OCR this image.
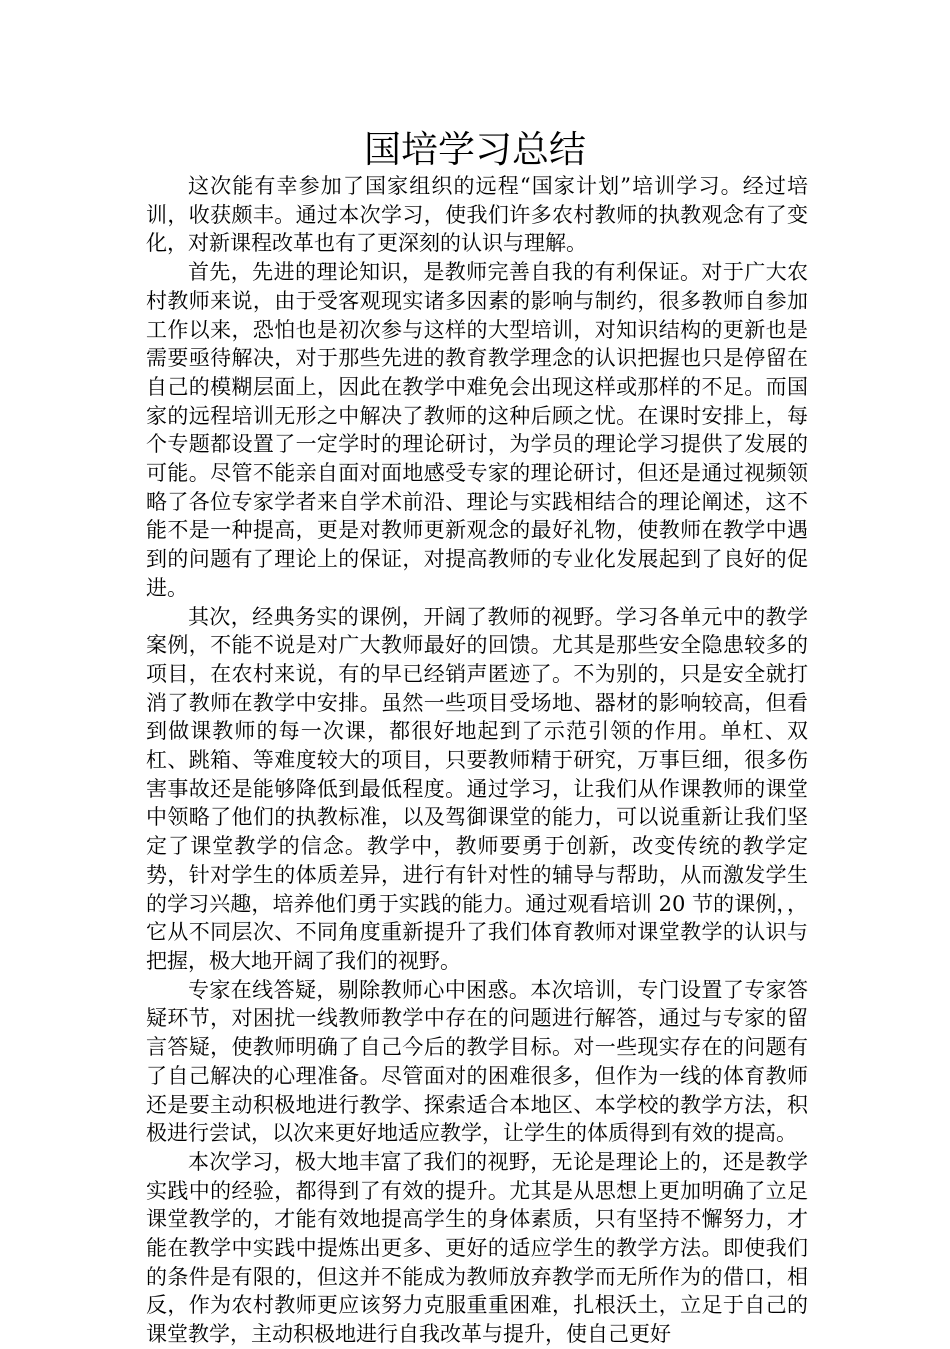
国培学习总结

这次能有幸参加了国家组织的远程“国家计划”培训学习。经过培训，收获颇丰。通过本次学习，使我们许多农村教师的执教观念有了变化，对新课程改革也有了更深刻的认识与理解。

首先，先进的理论知识，是教师完善自我的有利保证。对于广大农村教师来说，由于受客观现实诸多因素的影响与制约，很多教师自参加工作以来，恐怕也是初次参与这样的大型培训，对知识结构的更新也是需要亟待解决，对于那些先进的教育教学理念的认识把握也只是停留在自己的模糊层面上，因此在教学中难免会出现这样或那样的不足。而国家的远程培训无形之中解决了教师的这种后顾之忧。在课时安排上，每个专题都设置了一定学时的理论研讨，为学员的理论学习提供了发展的可能。尽管不能亲自面对面地感受专家的理论研讨，但还是通过视频领略了各位专家学者来自学术前沿、理论与实践相结合的理论阐述，这不能不是一种提高，更是对教师更新观念的最好礼物，使教师在教学中遇到的问题有了理论上的保证，对提高教师的专业化发展起到了良好的促进。

其次，经典务实的课例，开阔了教师的视野。学习各单元中的教学案例，不能不说是对广大教师最好的回馈。尤其是那些安全隐患较多的项目，在农村来说，有的早已经销声匿迹了。不为别的，只是安全就打消了教师在教学中安排。虽然一些项目受场地、器材的影响较高，但看到做课教师的每一次课，都很好地起到了示范引领的作用。单杠、双杠、跳箱、等难度较大的项目，只要教师精于研究，万事巨细，很多伤害事故还是能够降低到最低程度。通过学习，让我们从作课教师的课堂中领略了他们的执教标准，以及驾御课堂的能力，可以说重新让我们坚定了课堂教学的信念。教学中，教师要勇于创新，改变传统的教学定势，针对学生的体质差异，进行有针对性的辅导与帮助，从而激发学生的学习兴趣，培养他们勇于实践的能力。通过观看培训 20 节的课例，，它从不同层次、不同角度重新提升了我们体育教师对课堂教学的认识与把握，极大地开阔了我们的视野。

专家在线答疑，剔除教师心中困惑。本次培训，专门设置了专家答疑环节，对困扰一线教师教学中存在的问题进行解答，通过与专家的留言答疑，使教师明确了自己今后的教学目标。对一些现实存在的问题有了自己解决的心理准备。尽管面对的困难很多，但作为一线的体育教师还是要主动积极地进行教学、探索适合本地区、本学校的教学方法，积极进行尝试，以次来更好地适应教学，让学生的体质得到有效的提高。

本次学习，极大地丰富了我们的视野，无论是理论上的，还是教学实践中的经验，都得到了有效的提升。尤其是从思想上更加明确了立足课堂教学的，才能有效地提高学生的身体素质，只有坚持不懈努力，才能在教学中实践中提炼出更多、更好的适应学生的教学方法。即使我们的条件是有限的，但这并不能成为教师放弃教学而无所作为的借口，相反，作为农村教师更应该努力克服重重困难，扎根沃土，立足于自己的课堂教学，主动积极地进行自我改革与提升，使自己更好
